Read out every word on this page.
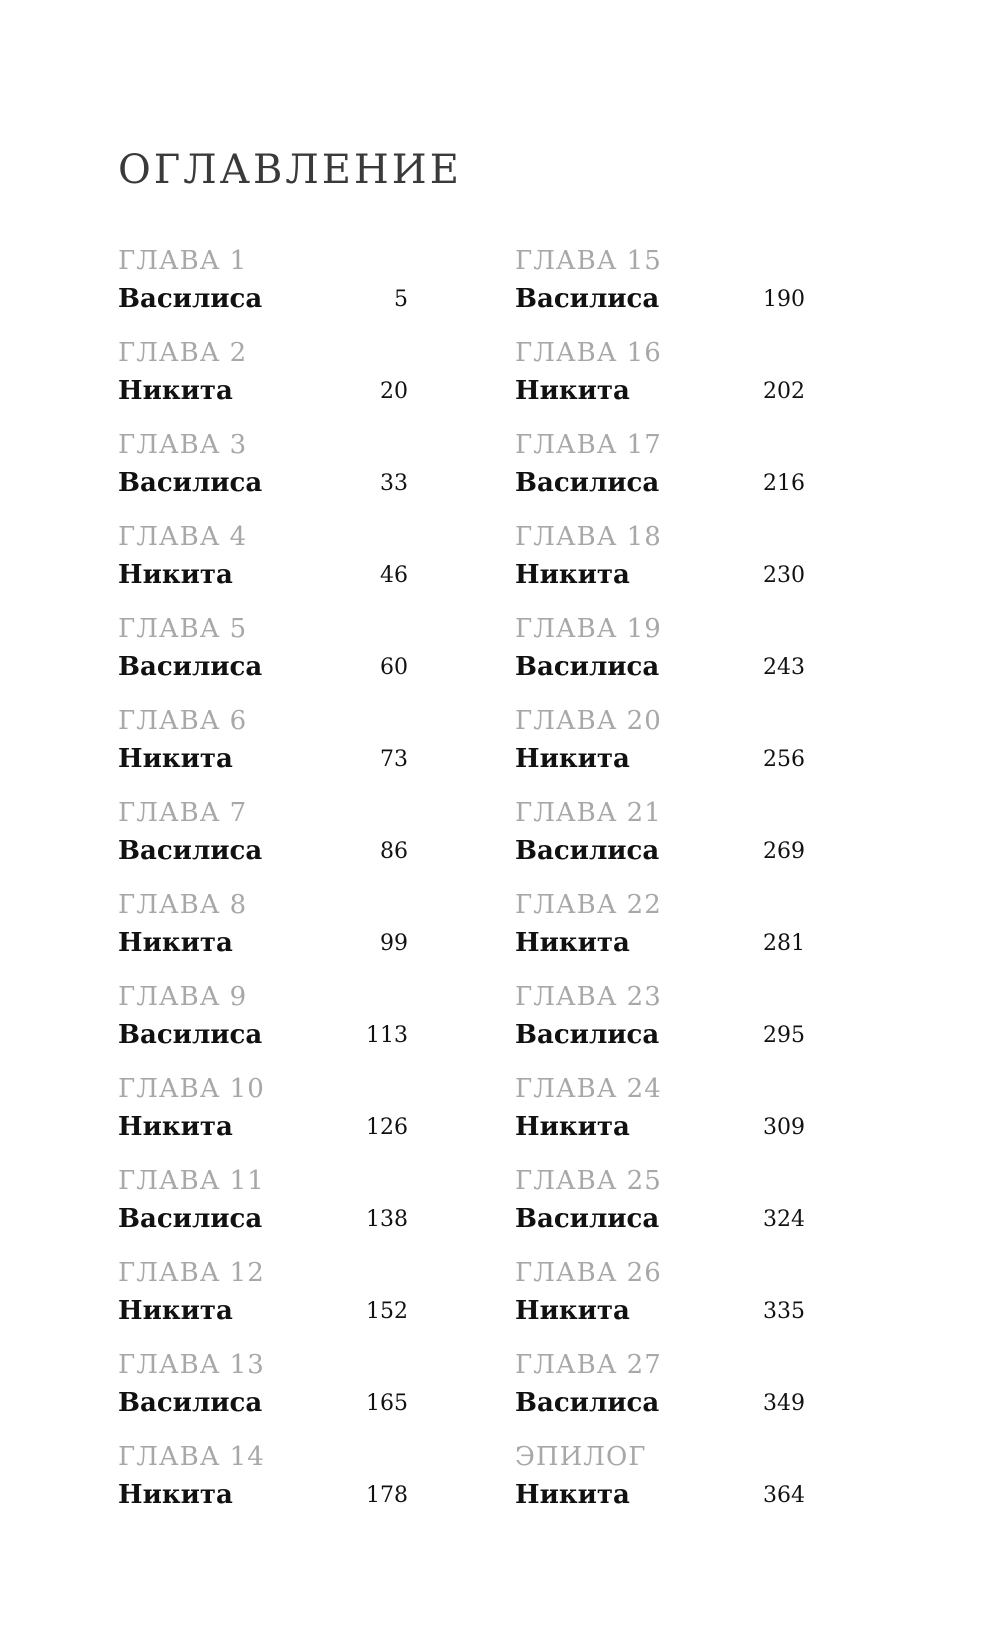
ОГЛАВЛЕНИЕ
ГЛАВА 1
Василиса	5
ГЛАВА 2
Никита	20
ГЛАВА 3
Василиса	33
ГЛАВА 4
Никита	46
ГЛАВА 5
Василиса	60
ГЛАВА 6
Никита	73
ГЛАВА 7
Василиса	86
ГЛАВА 8
Никита	99
ГЛАВА 9
Василиса	113
ГЛАВА 10
Никита	126
ГЛАВА 11
Василиса	138
ГЛАВА 12
Никита	152
ГЛАВА 13
Василиса	165
ГЛАВА 14
Никита	178
ГЛАВА 15
Василиса	190
ГЛАВА 16
Никита	202
ГЛАВА 17
Василиса	216
ГЛАВА 18
Никита	230
ГЛАВА 19
Василиса	243
ГЛАВА 20
Никита	256
ГЛАВА 21
Василиса	269
ГЛАВА 22
Никита	281
ГЛАВА 23
Василиса	295
ГЛАВА 24
Никита	309
ГЛАВА 25
Василиса	324
ГЛАВА 26
Никита	335
ГЛАВА 27
Василиса	349
ЭПИЛОГ
Никита	364
